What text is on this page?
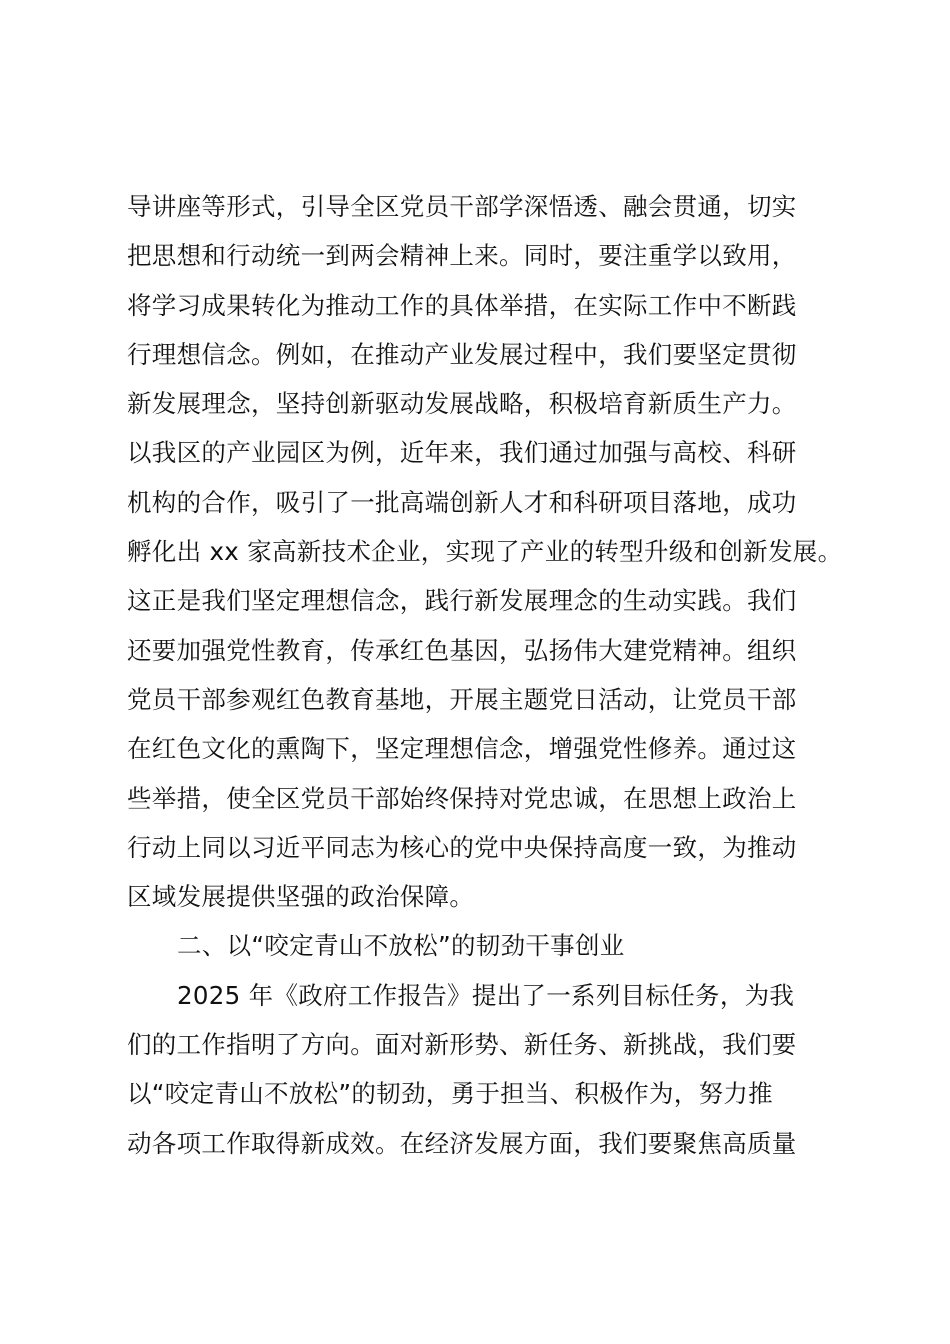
导讲座等形式，引导全区党员干部学深悟透、融会贯通，切实
把思想和行动统一到两会精神上来。同时，要注重学以致用，
将学习成果转化为推动工作的具体举措，在实际工作中不断践
行理想信念。例如，在推动产业发展过程中，我们要坚定贯彻
新发展理念，坚持创新驱动发展战略，积极培育新质生产力。
以我区的产业园区为例，近年来，我们通过加强与高校、科研
机构的合作，吸引了一批高端创新人才和科研项目落地，成功
孵化出 xx 家高新技术企业，实现了产业的转型升级和创新发展。
这正是我们坚定理想信念，践行新发展理念的生动实践。我们
还要加强党性教育，传承红色基因，弘扬伟大建党精神。组织
党员干部参观红色教育基地，开展主题党日活动，让党员干部
在红色文化的熏陶下，坚定理想信念，增强党性修养。通过这
些举措，使全区党员干部始终保持对党忠诚，在思想上政治上
行动上同以习近平同志为核心的党中央保持高度一致，为推动
区域发展提供坚强的政治保障。
二、以“咬定青山不放松”的韧劲干事创业
2025 年《政府工作报告》提出了一系列目标任务，为我
们的工作指明了方向。面对新形势、新任务、新挑战，我们要
以“咬定青山不放松”的韧劲，勇于担当、积极作为，努力推
动各项工作取得新成效。在经济发展方面，我们要聚焦高质量
